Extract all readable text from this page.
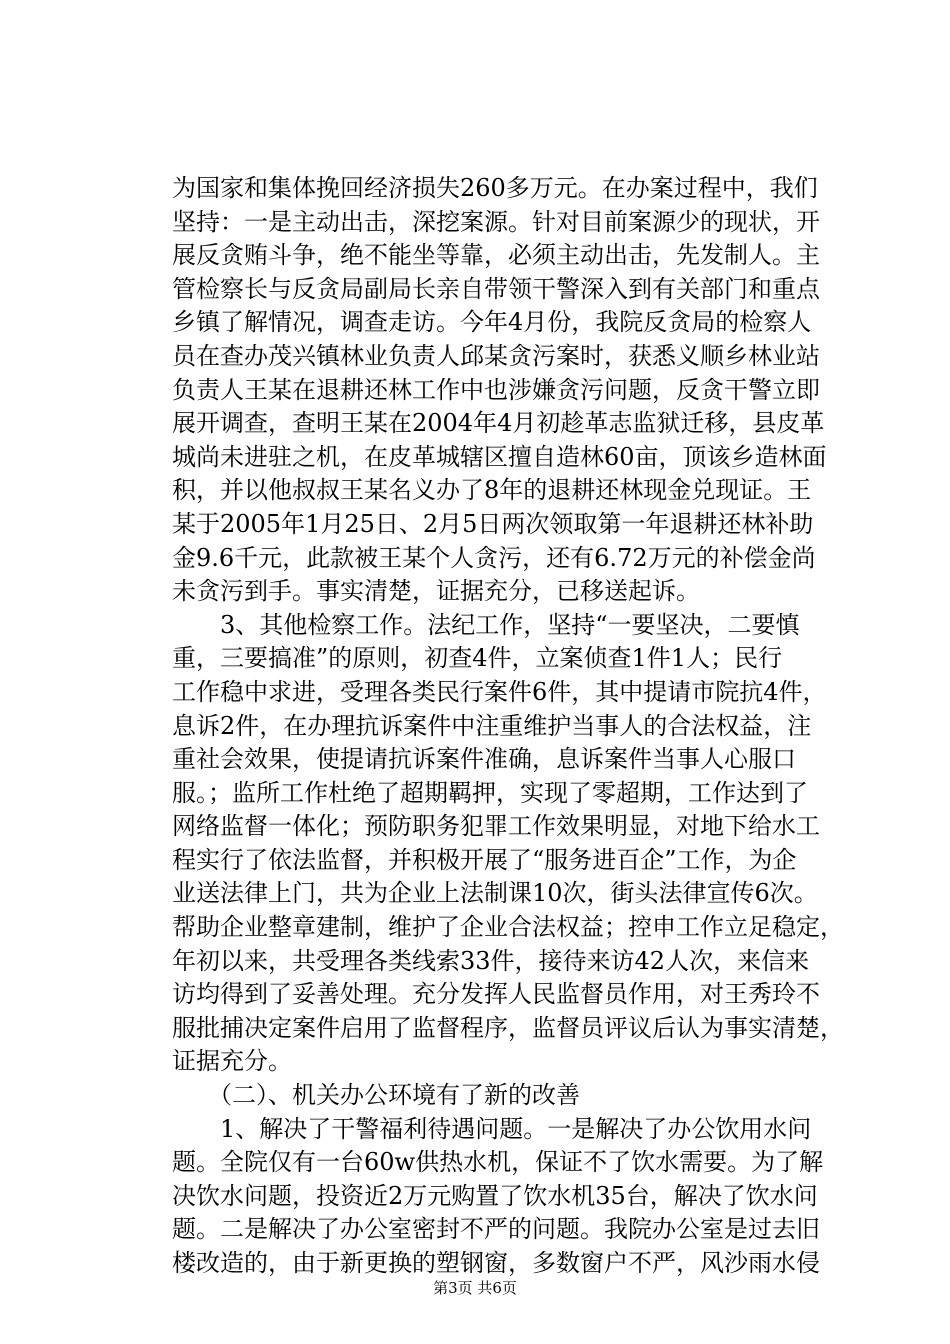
为国家和集体挽回经济损失260多万元。在办案过程中，我们
坚持：一是主动出击，深挖案源。针对目前案源少的现状，开
展反贪贿斗争，绝不能坐等靠，必须主动出击，先发制人。主
管检察长与反贪局副局长亲自带领干警深入到有关部门和重点
乡镇了解情况，调查走访。今年4月份，我院反贪局的检察人
员在查办茂兴镇林业负责人邱某贪污案时，获悉义顺乡林业站
负责人王某在退耕还林工作中也涉嫌贪污问题，反贪干警立即
展开调查，查明王某在2004年4月初趁革志监狱迁移，县皮革
城尚未进驻之机，在皮革城辖区擅自造林60亩，顶该乡造林面
积，并以他叔叔王某名义办了8年的退耕还林现金兑现证。王
某于2005年1月25日、2月5日两次领取第一年退耕还林补助
金9.6千元，此款被王某个人贪污，还有6.72万元的补偿金尚
未贪污到手。事实清楚，证据充分，已移送起诉。
　　3、其他检察工作。法纪工作，坚持“一要坚决，二要慎
重，三要搞准”的原则，初查4件，立案侦查1件1人；民行
工作稳中求进，受理各类民行案件6件，其中提请市院抗4件，
息诉2件，在办理抗诉案件中注重维护当事人的合法权益，注
重社会效果，使提请抗诉案件准确，息诉案件当事人心服口
服。；监所工作杜绝了超期羁押，实现了零超期，工作达到了
网络监督一体化；预防职务犯罪工作效果明显，对地下给水工
程实行了依法监督，并积极开展了“服务进百企”工作，为企
业送法律上门，共为企业上法制课10次，街头法律宣传6次。
帮助企业整章建制，维护了企业合法权益；控申工作立足稳定，
年初以来，共受理各类线索33件，接待来访42人次，来信来
访均得到了妥善处理。充分发挥人民监督员作用，对王秀玲不
服批捕决定案件启用了监督程序，监督员评议后认为事实清楚，
证据充分。
　　（二）、机关办公环境有了新的改善
　　1、解决了干警福利待遇问题。一是解决了办公饮用水问
题。全院仅有一台60w供热水机，保证不了饮水需要。为了解
决饮水问题，投资近2万元购置了饮水机35台，解决了饮水问
题。二是解决了办公室密封不严的问题。我院办公室是过去旧
楼改造的，由于新更换的塑钢窗，多数窗户不严，风沙雨水侵
第3页 共6页
